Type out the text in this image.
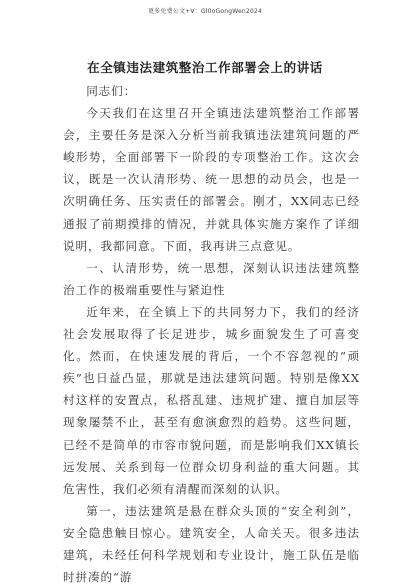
更多免费公文+V：Gl0oGongWen2024
在全镇违法建筑整治工作部署会上的讲话

同志们：

今天我们在这里召开全镇违法建筑整治工作部署会，主要任务是深入分析当前我镇违法建筑问题的严峻形势，全面部署下一阶段的专项整治工作。这次会议，既是一次认清形势、统一思想的动员会，也是一次明确任务、压实责任的部署会。刚才，XX同志已经通报了前期摸排的情况，并就具体实施方案作了详细说明，我都同意。下面，我再讲三点意见。

一、认清形势，统一思想，深刻认识违法建筑整治工作的极端重要性与紧迫性

近年来，在全镇上下的共同努力下，我们的经济社会发展取得了长足进步，城乡面貌发生了可喜变化。然而，在快速发展的背后，一个不容忽视的“顽疾”也日益凸显，那就是违法建筑问题。特别是像XX村这样的安置点，私搭乱建、违规扩建、擅自加层等现象屡禁不止，甚至有愈演愈烈的趋势。这些问题，已经不是简单的市容市貌问题，而是影响我们XX镇长远发展、关系到每一位群众切身利益的重大问题。其危害性，我们必须有清醒而深刻的认识。

第一，违法建筑是悬在群众头顶的“安全利剑”，安全隐患触目惊心。建筑安全，人命关天。很多违法建筑，未经任何科学规划和专业设计，施工队伍是临时拼凑的“游
